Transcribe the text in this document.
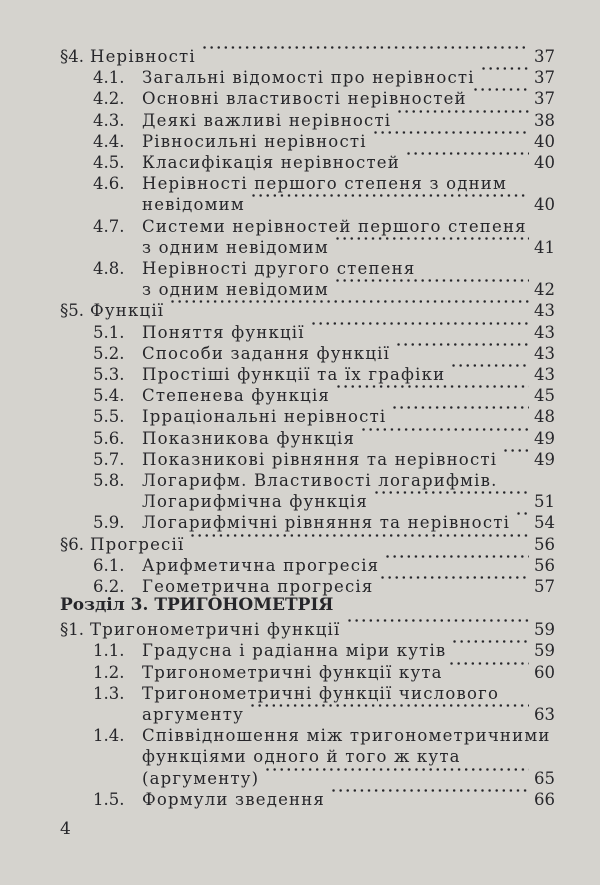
§4. Нерівності	37
4.1. Загальні відомості про нерівності	37
4.2. Основні властивості нерівностей	37
4.3. Деякі важливі нерівності	38
4.4. Рівносильні нерівності	40
4.5. Класифікація нерівностей	40
4.6. Нерівності першого степеня з одним
невідомим	40
4.7. Системи нерівностей першого степеня
з одним невідомим	41
4.8. Нерівності другого степеня
з одним невідомим	42
§5. Функції	43
5.1. Поняття функції	43
5.2. Способи задання функції	43
5.3. Простіші функції та їх графіки	43
5.4. Степенева функція	45
5.5. Ірраціональні нерівності	48
5.6. Показникова функція	49
5.7. Показникові рівняння та нерівності 49
5.8. Логарифм. Властивості логарифмів.
Логарифмічна функція	51
5.9. Логарифмічні рівняння та нерівності 54
§6. Прогресії	56
6.1. Арифметична прогресія	56
6.2. Геометрична прогресія	57
§1. Тригонометричні функції	59
1.1. Градусна і радіанна міри кутів	59
1.2. Тригонометричні функції кута	60
1.3. Тригонометричні функції числового
аргументу	63
1.4. Співвідношення між тригонометричними
функціями одного й того ж кута
(аргументу)	65
1.5. Формули зведення	66
Розділ 3. ТРИГОНОМЕТРІЯ
4
